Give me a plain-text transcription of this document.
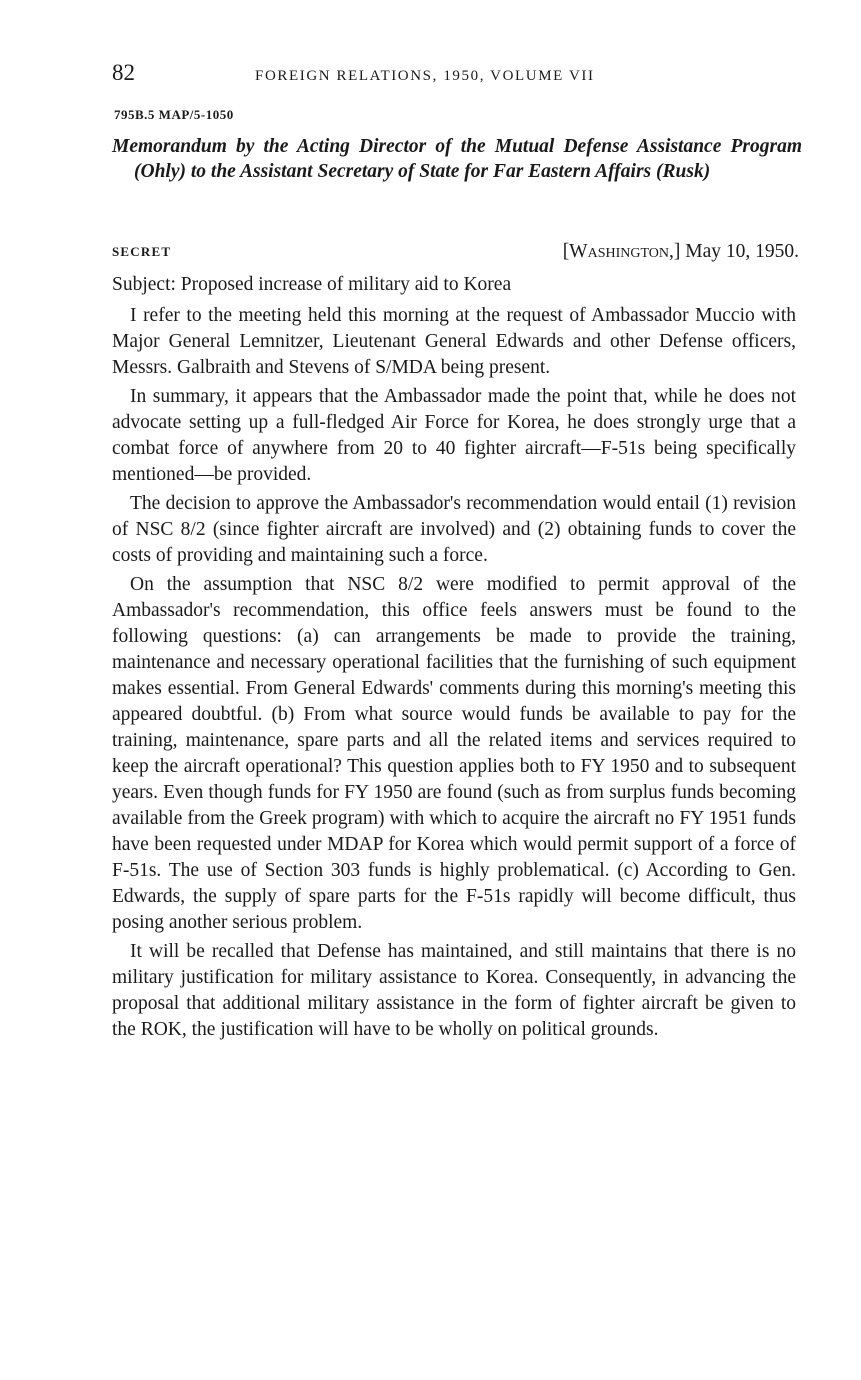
82	FOREIGN RELATIONS, 1950, VOLUME VII
795B.5 MAP/5-1050
Memorandum by the Acting Director of the Mutual Defense Assistance Program (Ohly) to the Assistant Secretary of State for Far Eastern Affairs (Rusk)
SECRET	[Washington,] May 10, 1950.
Subject: Proposed increase of military aid to Korea

I refer to the meeting held this morning at the request of Ambassador Muccio with Major General Lemnitzer, Lieutenant General Edwards and other Defense officers, Messrs. Galbraith and Stevens of S/MDA being present.

In summary, it appears that the Ambassador made the point that, while he does not advocate setting up a full-fledged Air Force for Korea, he does strongly urge that a combat force of anywhere from 20 to 40 fighter aircraft—F-51s being specifically mentioned—be provided.

The decision to approve the Ambassador's recommendation would entail (1) revision of NSC 8/2 (since fighter aircraft are involved) and (2) obtaining funds to cover the costs of providing and maintaining such a force.

On the assumption that NSC 8/2 were modified to permit approval of the Ambassador's recommendation, this office feels answers must be found to the following questions: (a) can arrangements be made to provide the training, maintenance and necessary operational facilities that the furnishing of such equipment makes essential. From General Edwards' comments during this morning's meeting this appeared doubtful. (b) From what source would funds be available to pay for the training, maintenance, spare parts and all the related items and services required to keep the aircraft operational? This question applies both to FY 1950 and to subsequent years. Even though funds for FY 1950 are found (such as from surplus funds becoming available from the Greek program) with which to acquire the aircraft no FY 1951 funds have been requested under MDAP for Korea which would permit support of a force of F-51s. The use of Section 303 funds is highly problematical. (c) According to Gen. Edwards, the supply of spare parts for the F-51s rapidly will become difficult, thus posing another serious problem.

It will be recalled that Defense has maintained, and still maintains that there is no military justification for military assistance to Korea. Consequently, in advancing the proposal that additional military assistance in the form of fighter aircraft be given to the ROK, the justification will have to be wholly on political grounds.
